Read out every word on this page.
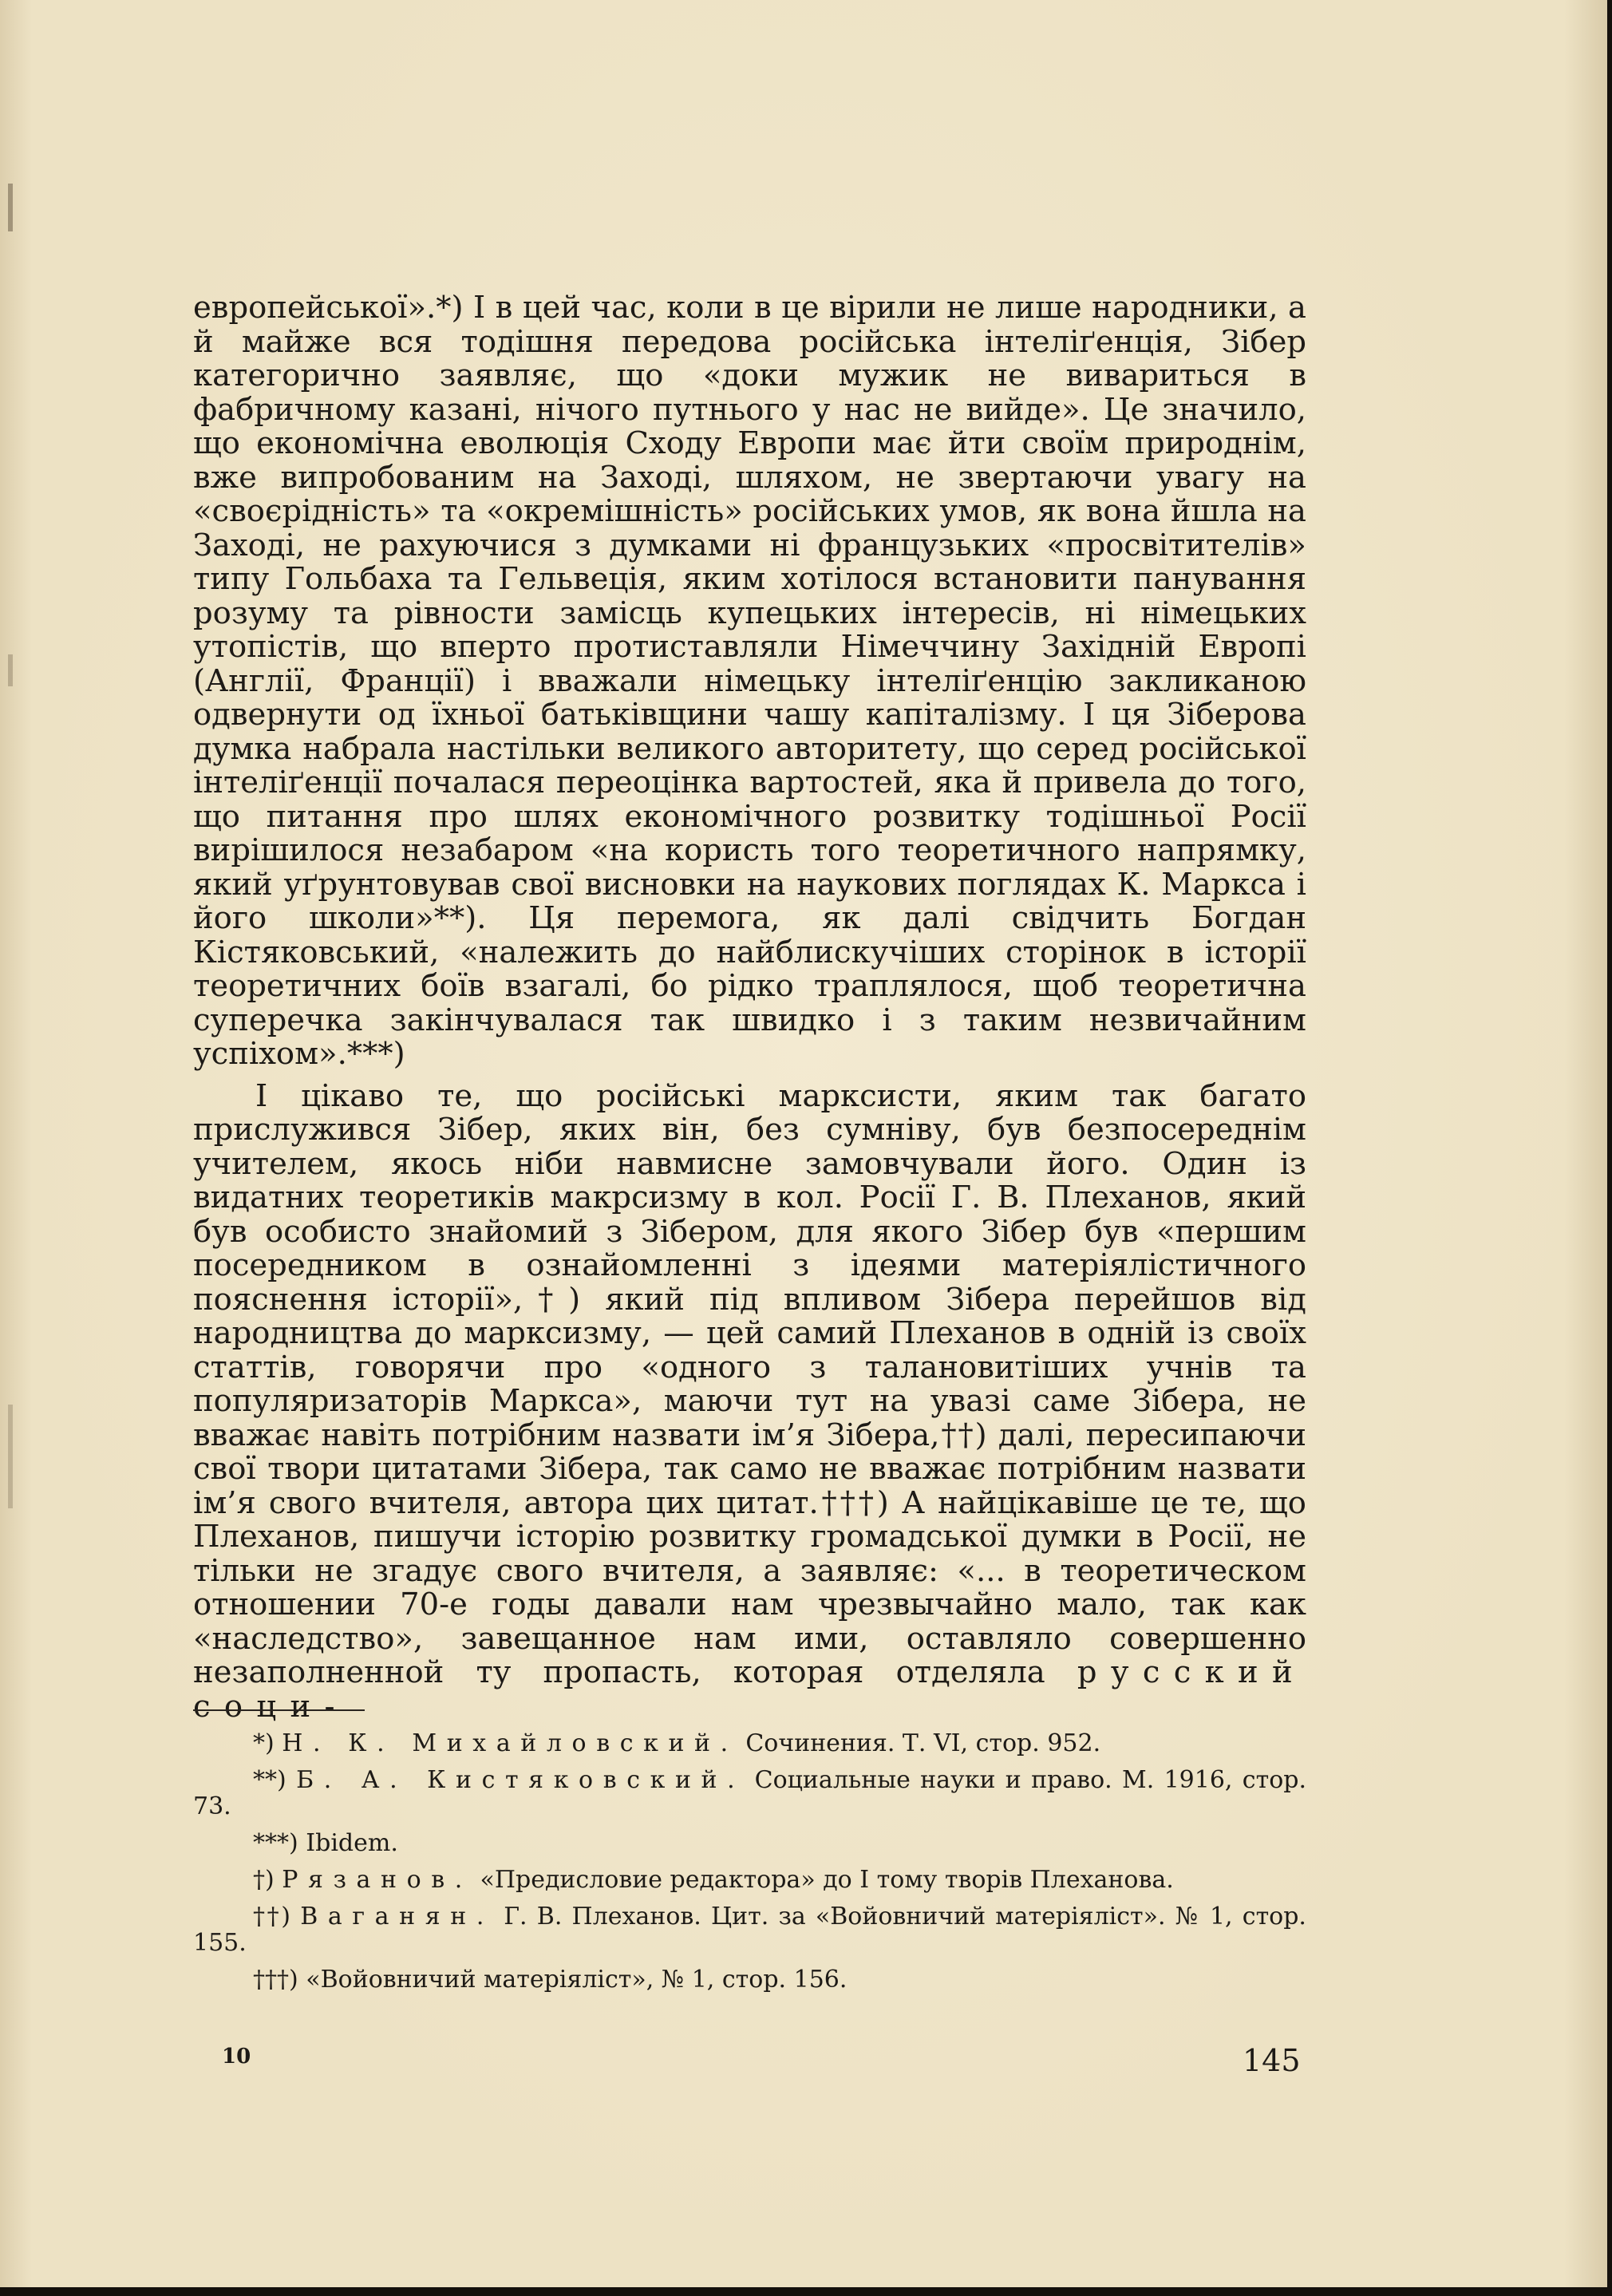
европейської».*) І в цей час, коли в це вірили не лише народники, а й майже вся тодішня передова російська інтеліґенція, Зібер категорично заявляє, що «доки мужик не вивариться в фабричному казані, нічого путнього у нас не вийде». Це значило, що економічна еволюція Сходу Европи має йти своїм природнім, вже випробованим на Заході, шляхом, не звертаючи увагу на «своєрідність» та «окремішність» російських умов, як вона йшла на Заході, не рахуючися з думками ні французьких «просвітителів» типу Гольбаха та Гельвеція, яким хотілося встановити панування розуму та рівности замісць купецьких інтересів, ні німецьких утопістів, що вперто протиставляли Німеччину Західній Европі (Англії, Франції) і вважали німецьку інтеліґенцію закликаною одвернути од їхньої батьківщини чашу капіталізму. І ця Зіберова думка набрала настільки великого авторитету, що серед російської інтеліґенції почалася переоцінка вартостей, яка й привела до того, що питання про шлях економічного розвитку тодішньої Росії вирішилося незабаром «на користь того теоретичного напрямку, який уґрунтовував свої висновки на наукових поглядах К. Маркса і його школи»**). Ця перемога, як далі свідчить Богдан Кістяковський, «належить до найблискучіших сторінок в історії теоретичних боїв взагалі, бо рідко траплялося, щоб теоретична суперечка закінчувалася так швидко і з таким незвичайним успіхом».***)

І цікаво те, що російські марксисти, яким так багато прислужився Зібер, яких він, без сумніву, був безпосереднім учителем, якось ніби навмисне замовчували його. Один із видатних теоретиків макрсизму в кол. Росії Г. В. Плеханов, який був особисто знайомий з Зібером, для якого Зібер був «першим посередником в ознайомленні з ідеями матеріялістичного пояснення історії»,†) який під впливом Зібера перейшов від народництва до марксизму, — цей самий Плеханов в одній із своїх статтів, говорячи про «одного з талановитіших учнів та популяризаторів Маркса», маючи тут на увазі саме Зібера, не вважає навіть потрібним назвати ім’я Зібера,††) далі, пересипаючи свої твори цитатами Зібера, так само не вважає потрібним назвати ім’я свого вчителя, автора цих цитат.†††) А найцікавіше це те, що Плеханов, пишучи історію розвитку громадської думки в Росії, не тільки не згадує свого вчителя, а заявляє: «... в теоретическом отношении 70-е годы давали нам чрезвычайно мало, так как «наследство», завещанное нам ими, оставляло совершенно незаполненной ту пропасть, которая отделяла русский соци-

*) Н. К. Михайловский. Сочинения. Т. VI, стор. 952.

**) Б. А. Кистяковский. Социальные науки и право. М. 1916, стор. 73.

***) Ibidem.

†) Рязанов. «Предисловие редактора» до I тому творів Плеханова.

††) Ваганян. Г. В. Плеханов. Цит. за «Войовничий матеріяліст». № 1, стор. 155.

†††) «Войовничий матеріяліст», № 1, стор. 156.

10	145
